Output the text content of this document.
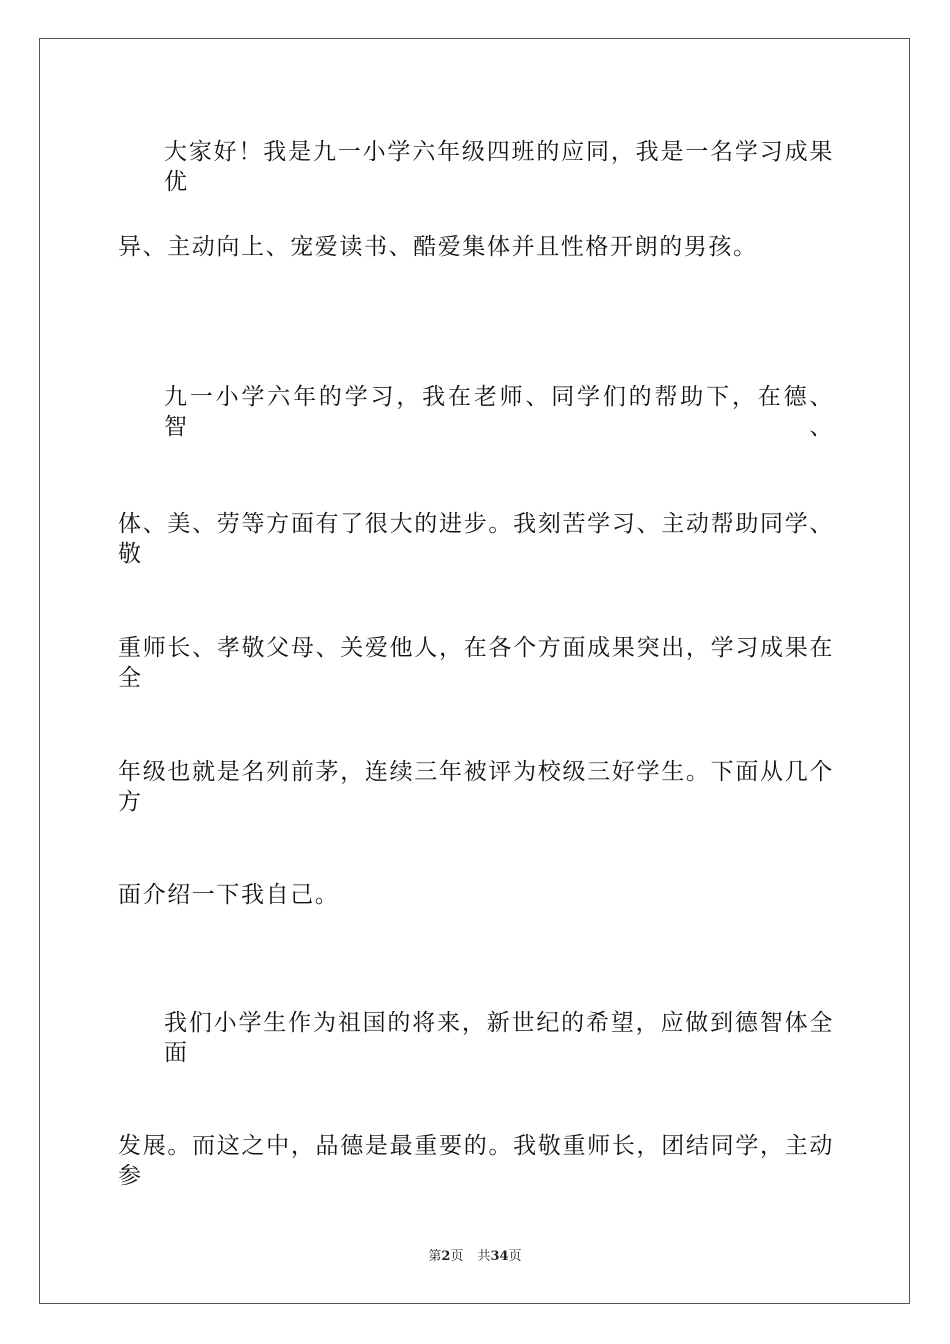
大家好！我是九一小学六年级四班的应同，我是一名学习成果优
异、主动向上、宠爱读书、酷爱集体并且性格开朗的男孩。
九一小学六年的学习，我在老师、同学们的帮助下，在德、智、
体、美、劳等方面有了很大的进步。我刻苦学习、主动帮助同学、敬
重师长、孝敬父母、关爱他人，在各个方面成果突出，学习成果在全
年级也就是名列前茅，连续三年被评为校级三好学生。下面从几个方
面介绍一下我自己。
我们小学生作为祖国的将来，新世纪的希望，应做到德智体全面
发展。而这之中，品德是最重要的。我敬重师长，团结同学，主动参
第2页 共34页
